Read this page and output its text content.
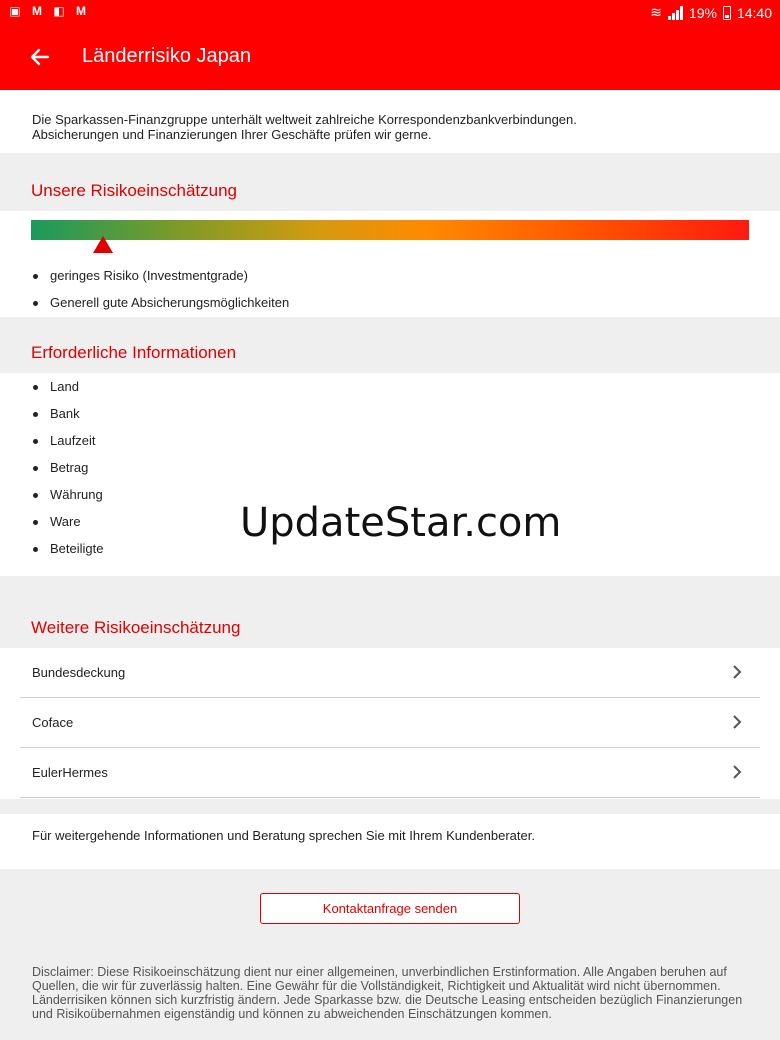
▣ M ◧ M	≋ 19% 14:40
Länderrisiko Japan
Die Sparkassen-Finanzgruppe unterhält weltweit zahlreiche Korrespondenzbankverbindungen.
Absicherungen und Finanzierungen Ihrer Geschäfte prüfen wir gerne.
Unsere Risikoeinschätzung
geringes Risiko (Investmentgrade)
Generell gute Absicherungsmöglichkeiten
Erforderliche Informationen
Land
Bank
Laufzeit
Betrag
Währung
Ware
Beteiligte
UpdateStar.com
Weitere Risikoeinschätzung
Bundesdeckung
Coface
EulerHermes
Für weitergehende Informationen und Beratung sprechen Sie mit Ihrem Kundenberater.
Kontaktanfrage senden
Disclaimer: Diese Risikoeinschätzung dient nur einer allgemeinen, unverbindlichen Erstinformation. Alle Angaben beruhen auf Quellen, die wir für zuverlässig halten. Eine Gewähr für die Vollständigkeit, Richtigkeit und Aktualität wird nicht übernommen. Länderrisiken können sich kurzfristig ändern. Jede Sparkasse bzw. die Deutsche Leasing entscheiden bezüglich Finanzierungen und Risikoübernahmen eigenständig und können zu abweichenden Einschätzungen kommen.
